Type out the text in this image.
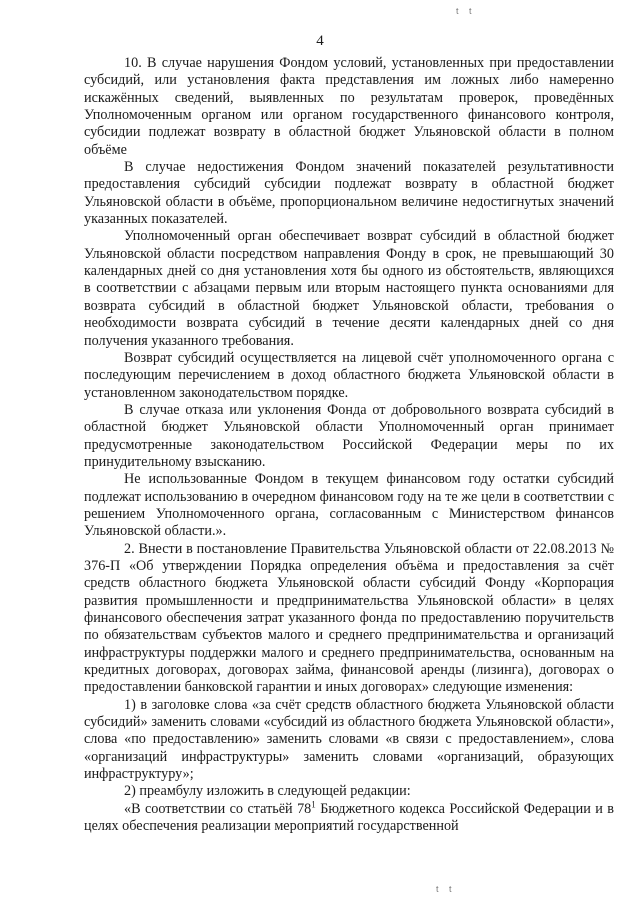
t t
4

10. В случае нарушения Фондом условий, установленных при предоставлении субсидий, или установления факта представления им ложных либо намеренно искажённых сведений, выявленных по результатам проверок, проведённых Уполномоченным органом или органом государственного финансового контроля, субсидии подлежат возврату в областной бюджет Ульяновской области в полном объёме

В случае недостижения Фондом значений показателей результативности предоставления субсидий субсидии подлежат возврату в областной бюджет Ульяновской области в объёме, пропорциональном величине недостигнутых значений указанных показателей.

Уполномоченный орган обеспечивает возврат субсидий в областной бюджет Ульяновской области посредством направления Фонду в срок, не превышающий 30 календарных дней со дня установления хотя бы одного из обстоятельств, являющихся в соответствии с абзацами первым или вторым настоящего пункта основаниями для возврата субсидий в областной бюджет Ульяновской области, требования о необходимости возврата субсидий в течение десяти календарных дней со дня получения указанного требования.

Возврат субсидий осуществляется на лицевой счёт уполномоченного органа с последующим перечислением в доход областного бюджета Ульяновской области в установленном законодательством порядке.

В случае отказа или уклонения Фонда от добровольного возврата субсидий в областной бюджет Ульяновской области Уполномоченный орган принимает предусмотренные законодательством Российской Федерации меры по их принудительному взысканию.

Не использованные Фондом в текущем финансовом году остатки субсидий подлежат использованию в очередном финансовом году на те же цели в соответствии с решением Уполномоченного органа, согласованным с Министерством финансов Ульяновской области.».

2. Внести в постановление Правительства Ульяновской области от 22.08.2013 № 376-П «Об утверждении Порядка определения объёма и предоставления за счёт средств областного бюджета Ульяновской области субсидий Фонду «Корпорация развития промышленности и предпринимательства Ульяновской области» в целях финансового обеспечения затрат указанного фонда по предоставлению поручительств по обязательствам субъектов малого и среднего предпринимательства и организаций инфраструктуры поддержки малого и среднего предпринимательства, основанным на кредитных договорах, договорах займа, финансовой аренды (лизинга), договорах о предоставлении банковской гарантии и иных договорах» следующие изменения:

1) в заголовке слова «за счёт средств областного бюджета Ульяновской области субсидий» заменить словами «субсидий из областного бюджета Ульяновской области», слова «по предоставлению» заменить словами «в связи с предоставлением», слова «организаций инфраструктуры» заменить словами «организаций, образующих инфраструктуру»;

2) преамбулу изложить в следующей редакции:

«В соответствии со статьёй $78^1$ Бюджетного кодекса Российской Федерации и в целях обеспечения реализации мероприятий государственной

t t
